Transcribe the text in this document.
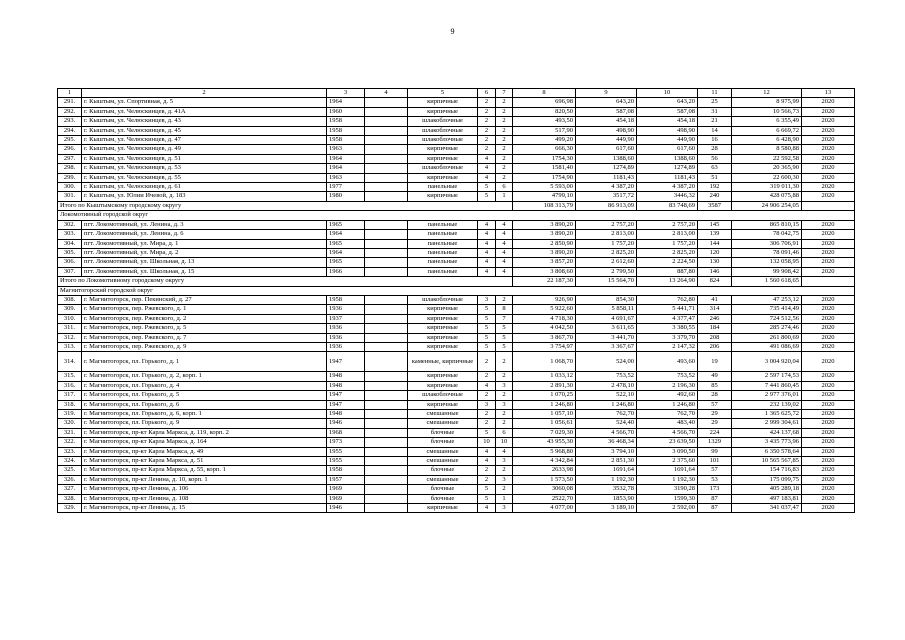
9
1	2	3	4	5	6	7	8	9	10	11	12	13
291.	г. Кыштым, ул. Спортивная, д. 5	1964		кирпичные	2	2	696,98	643,20	643,20	25	8 975,99	2020
292.	г. Кыштым, ул. Челюскинцев, д. 41А	1960		кирпичные	2	2	820,50	587,08	587,08	31	10 566,73	2020
293.	г. Кыштым, ул. Челюскинцев, д. 43	1958		шлакоблочные	2	2	493,50	454,18	454,18	21	6 355,49	2020
294.	г. Кыштым, ул. Челюскинцев, д. 45	1958		шлакоблочные	2	2	517,90	498,90	498,90	14	6 669,72	2020
295.	г. Кыштым, ул. Челюскинцев, д. 47	1958		шлакоблочные	2	2	499,20	449,90	449,90	16	6 428,90	2020
296.	г. Кыштым, ул. Челюскинцев, д. 49	1963		кирпичные	2	2	666,30	617,60	617,60	28	8 580,88	2020
297.	г. Кыштым, ул. Челюскинцев, д. 51	1964		кирпичные	4	2	1754,30	1388,60	1388,60	56	22 592,58	2020
298.	г. Кыштым, ул. Челюскинцев, д. 53	1964		шлакоблочные	4	2	1581,40	1274,89	1274,89	63	20 365,90	2020
299.	г. Кыштым, ул. Челюскинцев, д. 55	1963		кирпичные	4	2	1754,90	1181,43	1181,43	51	22 600,30	2020
300.	г. Кыштым, ул. Челюскинцев, д. 61	1977		панельные	5	6	5 593,00	4 387,20	4 387,20	192	319 011,30	2020
301.	г. Кыштым, ул. Юлии Ичевой, д. 183	1980		кирпичные	5	1	4799,10	3517,72	3446,32	240	428 075,88	2020
Итого по Кыштымскому городскому округу							108 313,79	86 913,09	83 748,69	3587	24 906 254,05	
Локомотивный городской округ												
302.	пгт. Локомотивный, ул. Ленина, д. 3	1965		панельные	4	4	3 890,20	2 757,20	2 757,20	145	865 810,15	2020
303.	пгт. Локомотивный, ул. Ленина, д. 6	1964		панельные	4	4	3 890,20	2 813,00	2 813,00	139	78 042,75	2020
304.	пгт. Локомотивный, ул. Мира, д. 1	1965		панельные	4	4	2 850,90	1 757,20	1 757,20	144	306 706,91	2020
305.	пгт. Локомотивный, ул. Мира, д. 2	1964		панельные	4	4	3 890,20	2 825,20	2 825,20	120	78 091,46	2020
306.	пгт. Локомотивный, ул. Школьная, д. 13	1965		панельные	4	4	3 857,20	2 612,60	2 224,50	130	132 058,95	2020
307.	пгт. Локомотивный, ул. Школьная, д. 15	1966		панельные	4	4	3 808,60	2 799,50	887,80	146	99 908,42	2020
Итого по Локомотивному городскому округу							22 187,30	15 564,70	13 264,90	824	1 560 618,65	
Магнитогорский городской округ												
308.	г. Магнитогорск, пер. Пекинский, д. 27	1958		шлакоблочные	3	2	926,90	854,30	762,80	41	47 253,12	2020
309.	г. Магнитогорск, пер. Ржевского, д. 1	1936		кирпичные	5	8	5 922,60	5 858,11	5 441,71	314	735 414,49	2020
310.	г. Магнитогорск, пер. Ржевского, д. 2	1937		кирпичные	5	7	4 718,30	4 691,67	4 377,47	246	724 512,56	2020
311.	г. Магнитогорск, пер. Ржевского, д. 5	1936		кирпичные	5	5	4 042,50	3 611,65	3 380,55	184	285 274,46	2020
312.	г. Магнитогорск, пер. Ржевского, д. 7	1936		кирпичные	5	5	3 867,70	3 441,70	3 379,70	208	261 800,69	2020
313.	г. Магнитогорск, пер. Ржевского, д. 9	1936		кирпичные	5	5	3 754,97	3 367,67	2 147,32	206	491 086,69	2020
314.	г. Магнитогорск, пл. Горького, д. 1	1947		каменные, кирпичные	2	2	1 068,70	524,00	493,60	19	3 004 920,04	2020
315.	г. Магнитогорск, пл. Горького, д. 2, корп. 1	1948		кирпичные	2	2	1 033,12	753,52	753,52	49	2 597 174,53	2020
316.	г. Магнитогорск, пл. Горького, д. 4	1948		кирпичные	4	3	2 891,30	2 478,10	2 196,30	85	7 441 860,45	2020
317.	г. Магнитогорск, пл. Горького, д. 5	1947		шлакоблочные	2	2	1 070,25	522,10	492,60	28	2 977 376,01	2020
318.	г. Магнитогорск, пл. Горького, д. 6	1947		кирпичные	3	3	1 246,80	1 246,80	1 246,80	57	232 139,02	2020
319.	г. Магнитогорск, пл. Горького, д. 6, корп. 1	1948		смешанные	2	2	1 057,10	762,70	762,70	29	1 365 625,72	2020
320.	г. Магнитогорск, пл. Горького, д. 9	1946		смешанные	2	2	1 056,61	524,40	483,40	29	2 999 304,61	2020
321.	г. Магнитогорск, пр-кт Карла Маркса, д. 119, корп. 2	1968		блочные	5	6	7 029,30	4 566,70	4 566,70	224	424 137,68	2020
322.	г. Магнитогорск, пр-кт Карла Маркса, д. 164	1973		блочные	10	10	43 955,30	36 468,34	23 639,50	1329	3 435 773,96	2020
323.	г. Магнитогорск, пр-кт Карла Маркса, д. 49	1955		смешанные	4	4	5 968,80	3 794,10	3 090,50	99	6 350 578,64	2020
324.	г. Магнитогорск, пр-кт Карла Маркса, д. 51	1955		смешанные	4	3	4 342,84	2 851,30	2 375,60	101	10 565 567,85	2020
325.	г. Магнитогорск, пр-кт Карла Маркса, д. 55, корп. 1	1958		блочные	2	2	2633,98	1691,64	1691,64	57	154 716,83	2020
326.	г. Магнитогорск, пр-кт Ленина, д. 10, корп. 1	1957		смешанные	2	3	1 573,50	1 192,30	1 192,30	53	175 099,75	2020
327.	г. Магнитогорск, пр-кт Ленина, д. 106	1969		блочные	5	2	3060,08	3532,78	3190,28	173	405 289,18	2020
328.	г. Магнитогорск, пр-кт Ленина, д. 108	1969		блочные	5	1	2522,70	1853,90	1599,30	87	497 183,81	2020
329.	г. Магнитогорск, пр-кт Ленина, д. 15	1946		кирпичные	4	3	4 077,00	3 189,10	2 592,00	87	341 037,47	2020
